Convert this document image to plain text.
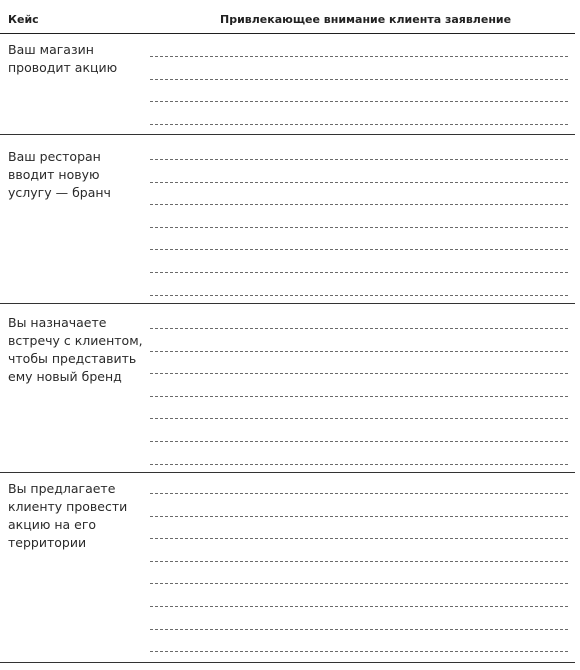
Кейс	Привлекающее внимание клиента заявление
Ваш магазин
проводит акцию
Ваш ресторан
вводит новую
услугу — бранч
Вы назначаете
встречу с клиентом,
чтобы представить
ему новый бренд
Вы предлагаете
клиенту провести
акцию на его
территории
